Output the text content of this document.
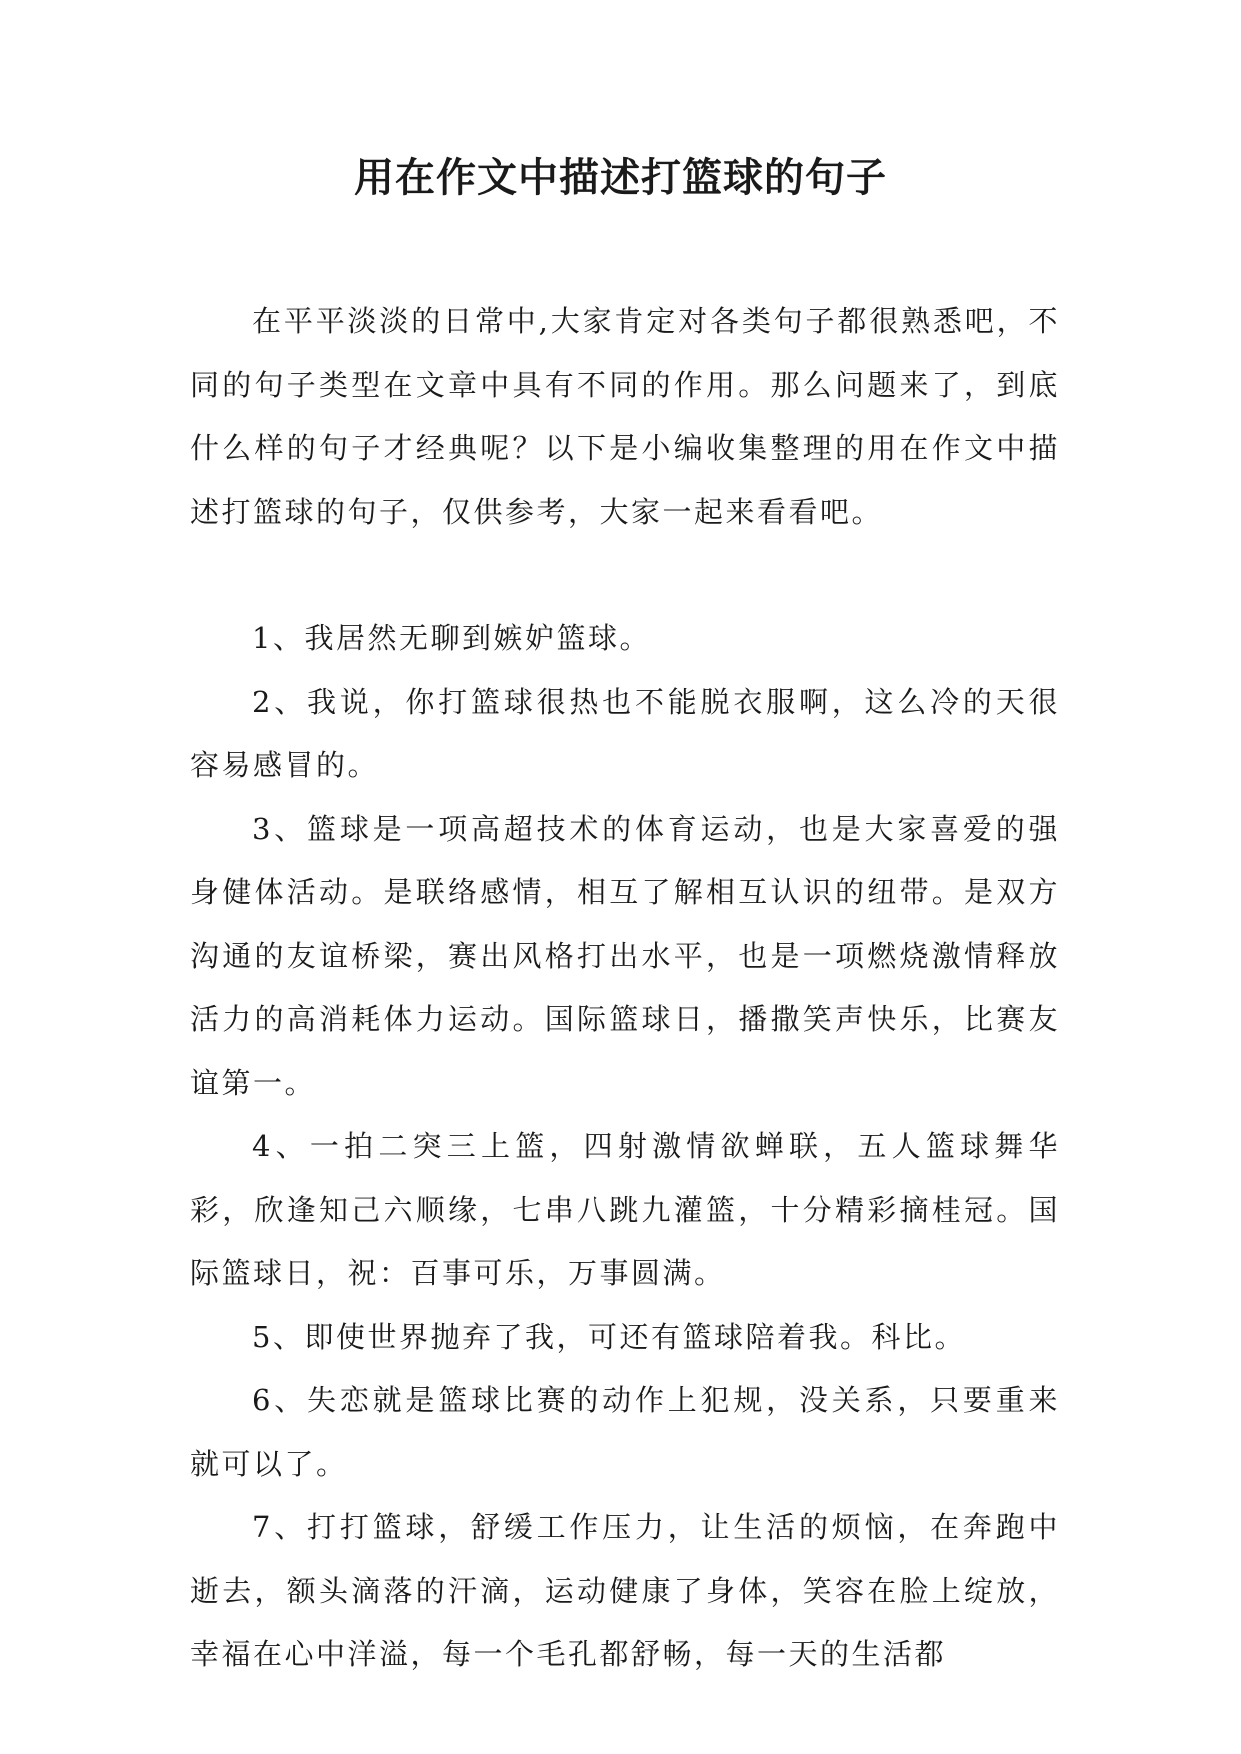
用在作文中描述打篮球的句子

在平平淡淡的日常中,大家肯定对各类句子都很熟悉吧，不同的句子类型在文章中具有不同的作用。那么问题来了，到底什么样的句子才经典呢？以下是小编收集整理的用在作文中描述打篮球的句子，仅供参考，大家一起来看看吧。

1、我居然无聊到嫉妒篮球。

2、我说，你打篮球很热也不能脱衣服啊，这么冷的天很容易感冒的。

3、篮球是一项高超技术的体育运动，也是大家喜爱的强身健体活动。是联络感情，相互了解相互认识的纽带。是双方沟通的友谊桥梁，赛出风格打出水平，也是一项燃烧激情释放活力的高消耗体力运动。国际篮球日，播撒笑声快乐，比赛友谊第一。

4、一拍二突三上篮，四射激情欲蝉联，五人篮球舞华彩，欣逢知己六顺缘，七串八跳九灌篮，十分精彩摘桂冠。国际篮球日，祝：百事可乐，万事圆满。

5、即使世界抛弃了我，可还有篮球陪着我。科比。

6、失恋就是篮球比赛的动作上犯规，没关系，只要重来就可以了。

7、打打篮球，舒缓工作压力，让生活的烦恼，在奔跑中逝去，额头滴落的汗滴，运动健康了身体，笑容在脸上绽放，幸福在心中洋溢，每一个毛孔都舒畅，每一天的生活都
